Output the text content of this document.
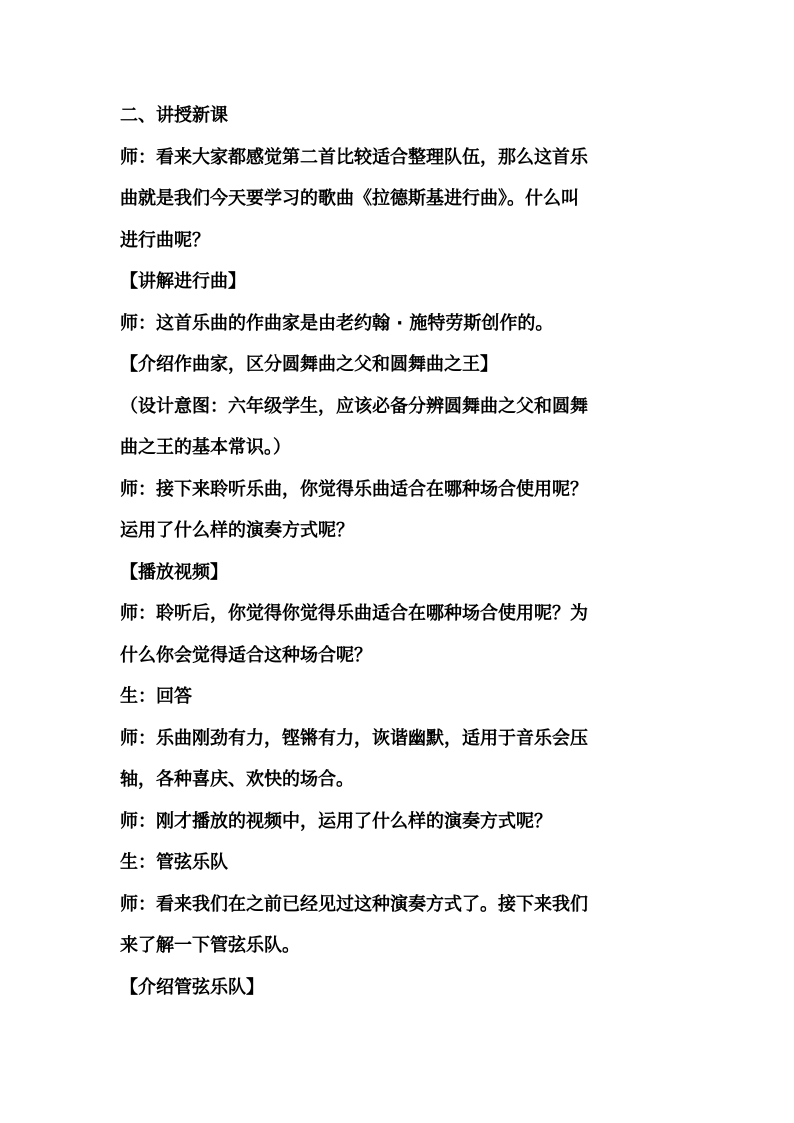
二、讲授新课
师：看来大家都感觉第二首比较适合整理队伍，那么这首乐
曲就是我们今天要学习的歌曲《拉德斯基进行曲》。什么叫
进行曲呢？
【讲解进行曲】
师：这首乐曲的作曲家是由老约翰 · 施特劳斯创作的。
【介绍作曲家，区分圆舞曲之父和圆舞曲之王】
（设计意图：六年级学生，应该必备分辨圆舞曲之父和圆舞
曲之王的基本常识。）
师：接下来聆听乐曲，你觉得乐曲适合在哪种场合使用呢？
运用了什么样的演奏方式呢？
【播放视频】
师：聆听后，你觉得你觉得乐曲适合在哪种场合使用呢？为
什么你会觉得适合这种场合呢？
生：回答
师：乐曲刚劲有力，铿锵有力，诙谐幽默，适用于音乐会压
轴，各种喜庆、欢快的场合。
师：刚才播放的视频中，运用了什么样的演奏方式呢？
生：管弦乐队
师：看来我们在之前已经见过这种演奏方式了。接下来我们
来了解一下管弦乐队。
【介绍管弦乐队】
